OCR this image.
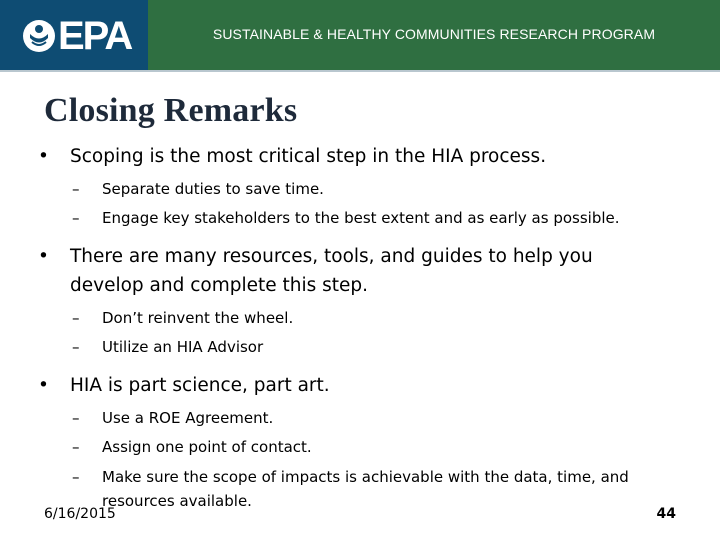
EPA	SUSTAINABLE & HEALTHY COMMUNITIES RESEARCH PROGRAM
Closing Remarks
• Scoping is the most critical step in the HIA process.
– Separate duties to save time.
– Engage key stakeholders to the best extent and as early as possible.
• There are many resources, tools, and guides to help you
develop and complete this step.
– Don’t reinvent the wheel.
– Utilize an HIA Advisor
• HIA is part science, part art.
– Use a ROE Agreement.
– Assign one point of contact.
– Make sure the scope of impacts is achievable with the data, time, and
resources available.
6/16/2015	44
